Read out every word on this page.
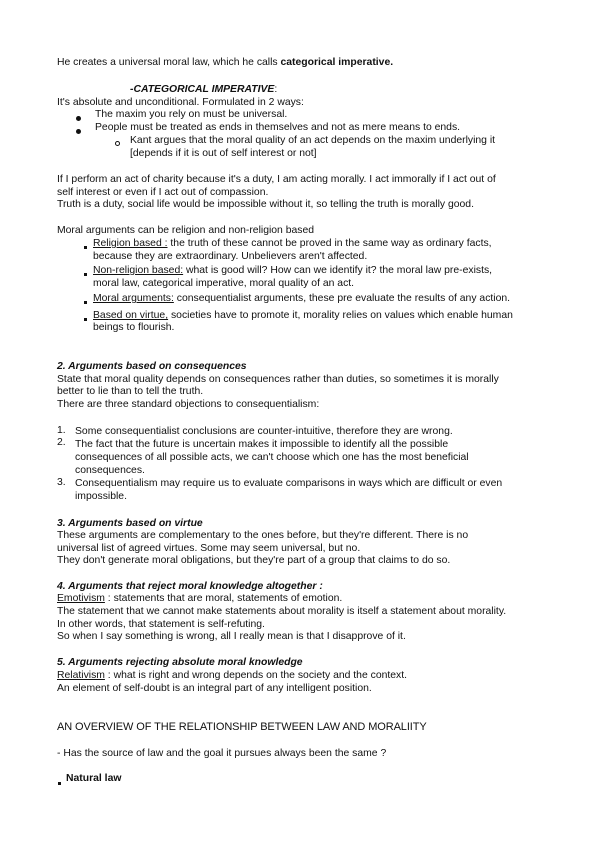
He creates a universal moral law, which he calls categorical imperative.
-CATEGORICAL IMPERATIVE:
It's absolute and unconditional. Formulated in 2 ways:
The maxim you rely on must be universal.
People must be treated as ends in themselves and not as mere means to ends.
Kant argues that the moral quality of an act depends on the maxim underlying it
[depends if it is out of self interest or not]
If I perform an act of charity because it's a duty, I am acting morally. I act immorally if I act out of
self interest or even if I act out of compassion.
Truth is a duty, social life would be impossible without it, so telling the truth is morally good.
Moral arguments can be religion and non-religion based
Religion based : the truth of these cannot be proved in the same way as ordinary facts,
because they are extraordinary. Unbelievers aren't affected.
Non-religion based: what is good will? How can we identify it? the moral law pre-exists,
moral law, categorical imperative, moral quality of an act.
Moral arguments: consequentialist arguments, these pre evaluate the results of any action.
Based on virtue, societies have to promote it, morality relies on values which enable human
beings to flourish.
2. Arguments based on consequences
State that moral quality depends on consequences rather than duties, so sometimes it is morally
better to lie than to tell the truth.
There are three standard objections to consequentialism:
1. Some consequentialist conclusions are counter-intuitive, therefore they are wrong.
2. The fact that the future is uncertain makes it impossible to identify all the possible
consequences of all possible acts, we can't choose which one has the most beneficial
consequences.
3. Consequentialism may require us to evaluate comparisons in ways which are difficult or even
impossible.
3. Arguments based on virtue
These arguments are complementary to the ones before, but they're different. There is no
universal list of agreed virtues. Some may seem universal, but no.
They don't generate moral obligations, but they're part of a group that claims to do so.
4. Arguments that reject moral knowledge altogether :
Emotivism : statements that are moral, statements of emotion.
The statement that we cannot make statements about morality is itself a statement about morality.
In other words, that statement is self-refuting.
So when I say something is wrong, all I really mean is that I disapprove of it.
5. Arguments rejecting absolute moral knowledge
Relativism : what is right and wrong depends on the society and the context.
An element of self-doubt is an integral part of any intelligent position.
AN OVERVIEW OF THE RELATIONSHIP BETWEEN LAW AND MORALIITY
- Has the source of law and the goal it pursues always been the same ?
Natural law
